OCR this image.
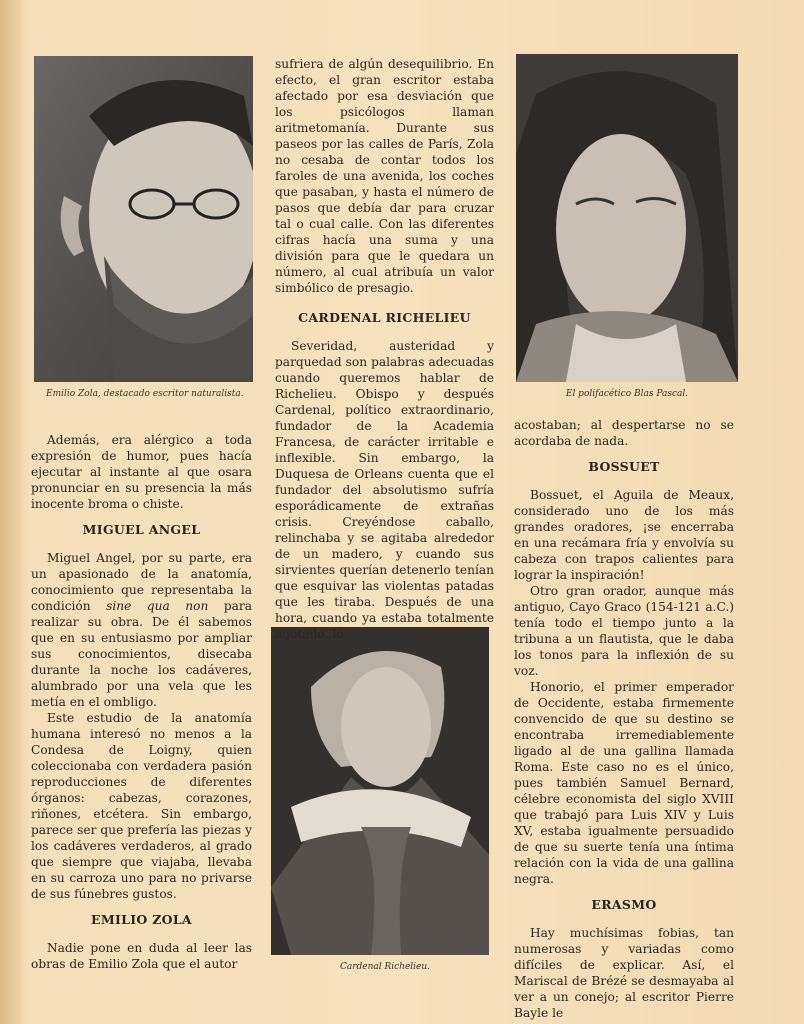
Emilio Zola, destacado escritor naturalista.	El polifacético Blas Pascal.
Cardenal Richelieu.

Además, era alérgico a toda expresión de humor, pues hacía ejecutar al instante al que osara pronunciar en su presencia la más inocente broma o chiste.

MIGUEL ANGEL

Miguel Angel, por su parte, era un apasionado de la anatomía, conocimiento que representaba la condición sine qua non para realizar su obra. De él sabemos que en su entusiasmo por ampliar sus conocimientos, disecaba durante la noche los cadáveres, alumbrado por una vela que les metía en el ombligo.

Este estudio de la anatomía humana interesó no menos a la Condesa de Loigny, quien coleccionaba con verdadera pasión reproducciones de diferentes órganos: cabezas, corazones, riñones, etcétera. Sin embargo, parece ser que prefería las piezas y los cadáveres verdaderos, al grado que siempre que viajaba, llevaba en su carroza uno para no privarse de sus fúnebres gustos.

EMILIO ZOLA

Nadie pone en duda al leer las obras de Emilio Zola que el autor

sufriera de algún desequilibrio. En efecto, el gran escritor estaba afectado por esa desviación que los psicólogos llaman aritmetomanía. Durante sus paseos por las calles de París, Zola no cesaba de contar todos los faroles de una avenida, los coches que pasaban, y hasta el número de pasos que debía dar para cruzar tal o cual calle. Con las diferentes cifras hacía una suma y una división para que le quedara un número, al cual atribuía un valor simbólico de presagio.

CARDENAL RICHELIEU

Severidad, austeridad y parquedad son palabras adecuadas cuando queremos hablar de Richelieu. Obispo y después Cardenal, político extraordinario, fundador de la Academia Francesa, de carácter irritable e inflexible. Sin embargo, la Duquesa de Orleans cuenta que el fundador del absolutismo sufría esporádicamente de extrañas crisis. Creyéndose caballo, relinchaba y se agitaba alrededor de un madero, y cuando sus sirvientes querían detenerlo tenían que esquivar las violentas patadas que les tiraba. Después de una hora, cuando ya estaba totalmente agotado, lo

acostaban; al despertarse no se acordaba de nada.

BOSSUET

Bossuet, el Aguila de Meaux, considerado uno de los más grandes oradores, ¡se encerraba en una recámara fría y envolvía su cabeza con trapos calientes para lograr la inspiración!

Otro gran orador, aunque más antiguo, Cayo Graco (154-121 a.C.) tenía todo el tiempo junto a la tribuna a un flautista, que le daba los tonos para la inflexión de su voz.

Honorio, el primer emperador de Occidente, estaba firmemente convencido de que su destino se encontraba irremediablemente ligado al de una gallina llamada Roma. Este caso no es el único, pues también Samuel Bernard, célebre economista del siglo XVIII que trabajó para Luis XIV y Luis XV, estaba igualmente persuadido de que su suerte tenía una íntima relación con la vida de una gallina negra.

ERASMO

Hay muchísimas fobias, tan numerosas y variadas como difíciles de explicar. Así, el Mariscal de Brézé se desmayaba al ver a un conejo; al escritor Pierre Bayle le
